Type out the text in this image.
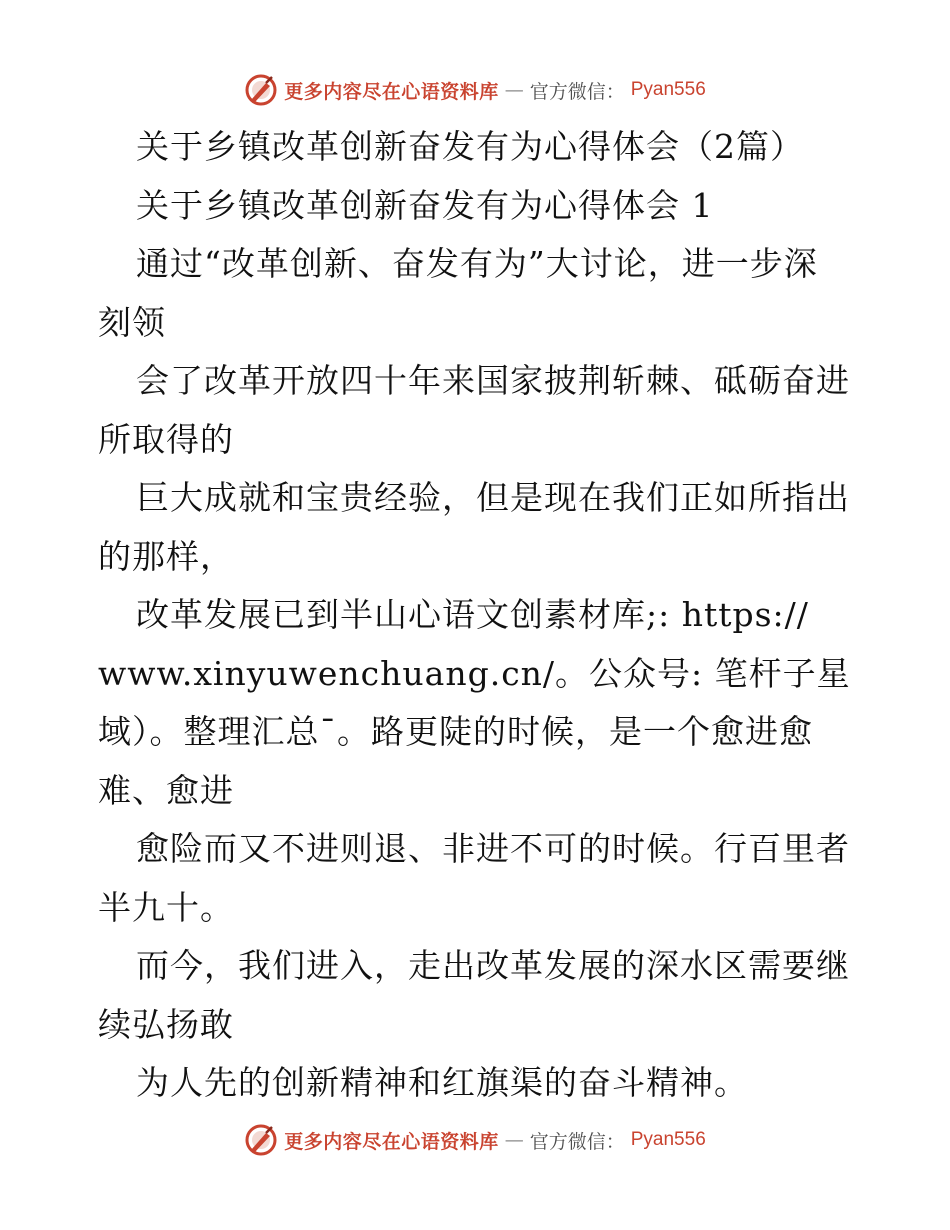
更多内容尽在心语资料库 — 官方微信： Pyan556
关于乡镇改革创新奋发有为心得体会（2篇）
关于乡镇改革创新奋发有为心得体会 1
通过“改革创新、奋发有为”大讨论，进一步深
刻领
会了改革开放四十年来国家披荆斩棘、砥砺奋进
所取得的
巨大成就和宝贵经验，但是现在我们正如所指出
的那样，
改革发展已到半山心语文创素材库;: https://
www.xinyuwenchuang.cn/。公众号: 笔杆子星
域）。整理汇总¯。路更陡的时候，是一个愈进愈
难、愈进
愈险而又不进则退、非进不可的时候。行百里者
半九十。
而今，我们进入，走出改革发展的深水区需要继
续弘扬敢
为人先的创新精神和红旗渠的奋斗精神。
更多内容尽在心语资料库 — 官方微信： Pyan556
